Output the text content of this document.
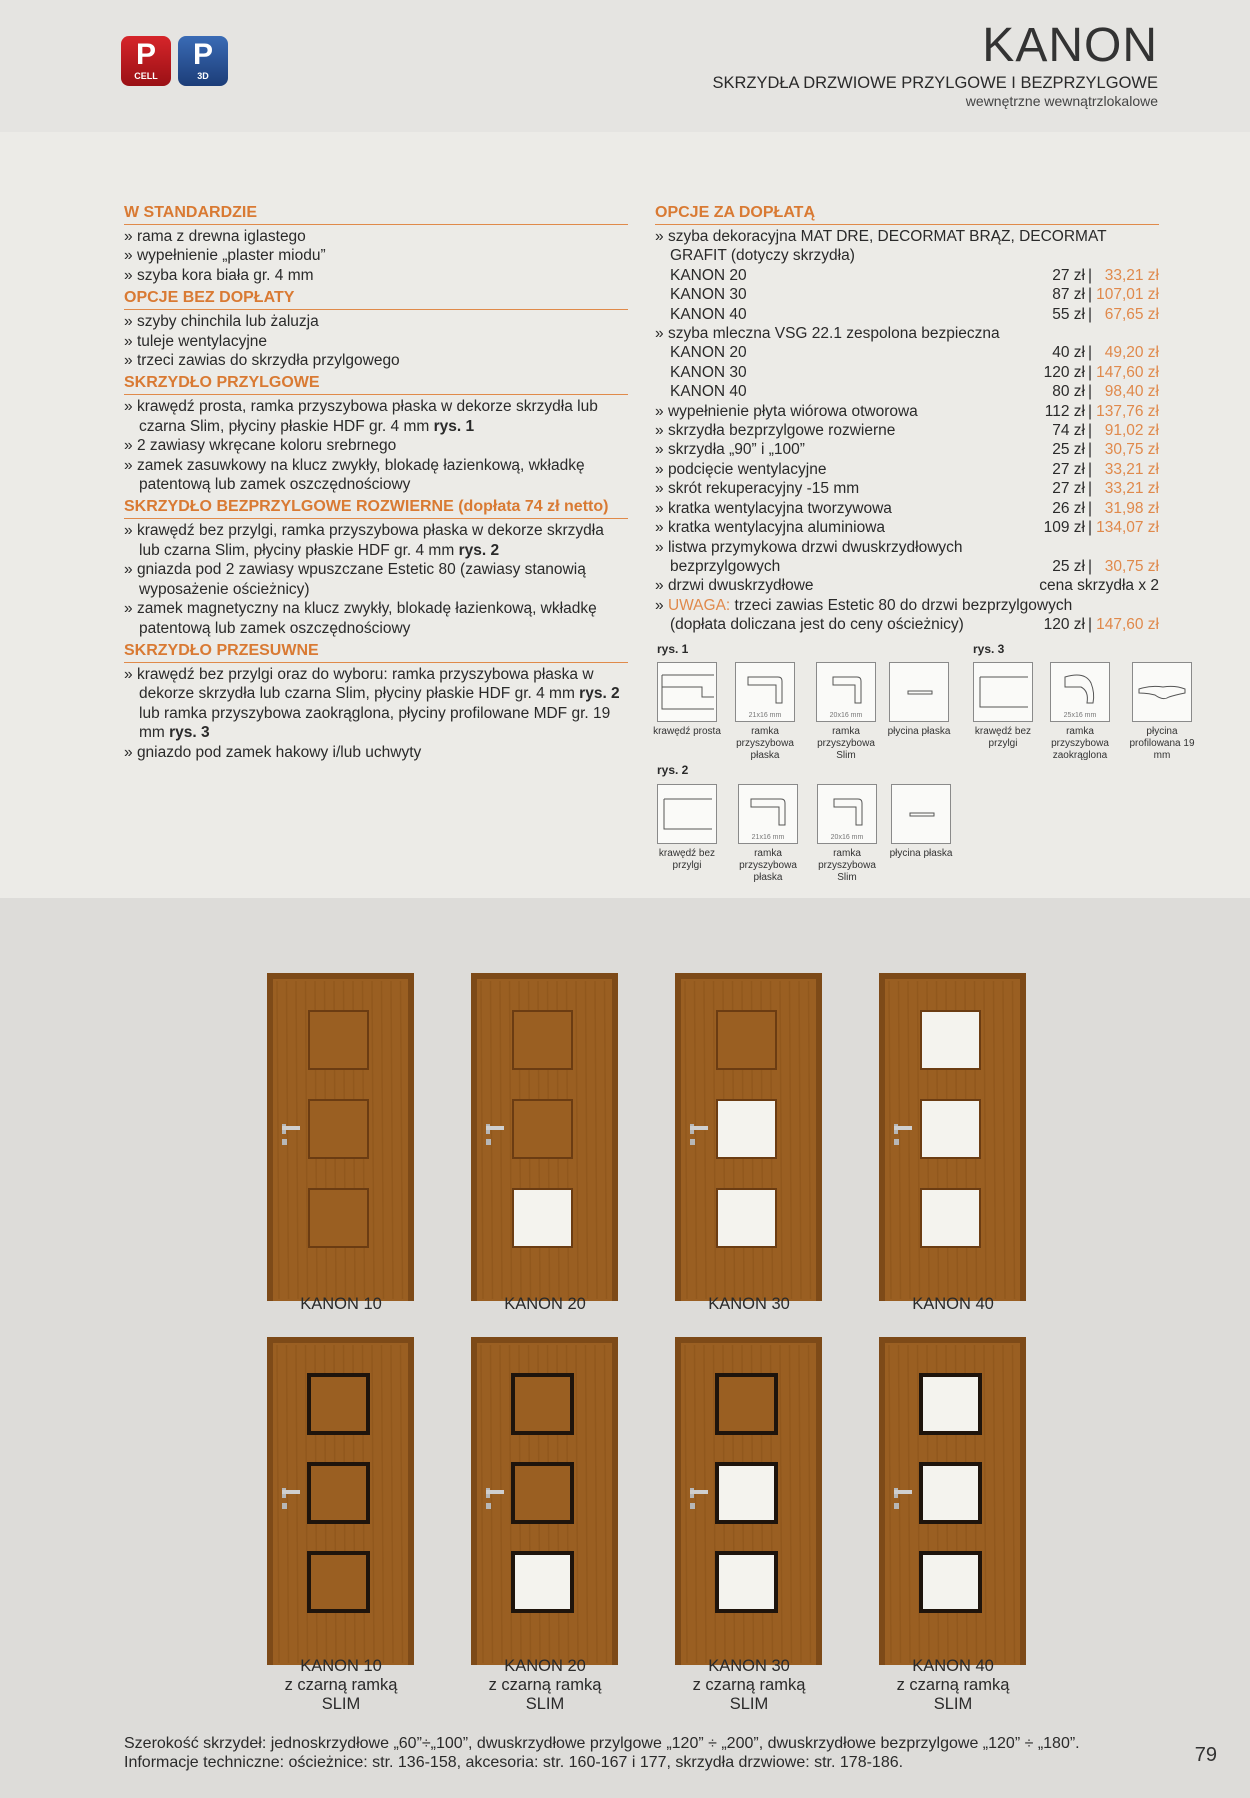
P
CELL
P
3D
KANON
SKRZYDŁA DRZWIOWE PRZYLGOWE I BEZPRZYLGOWE
wewnętrzne wewnątrzlokalowe
W STANDARDZIE
» rama z drewna iglastego
» wypełnienie „plaster miodu”
» szyba kora biała gr. 4 mm
OPCJE BEZ DOPŁATY
» szyby chinchila lub żaluzja
» tuleje wentylacyjne
» trzeci zawias do skrzydła przylgowego
SKRZYDŁO PRZYLGOWE
» krawędź prosta, ramka przyszybowa płaska w dekorze skrzydła lub czarna Slim, płyciny płaskie HDF gr. 4 mm rys. 1
» 2 zawiasy wkręcane koloru srebrnego
» zamek zasuwkowy na klucz zwykły, blokadę łazienkową, wkładkę patentową lub zamek oszczędnościowy
SKRZYDŁO BEZPRZYLGOWE ROZWIERNE (dopłata 74 zł netto)
» krawędź bez przylgi, ramka przyszybowa płaska w dekorze skrzydła lub czarna Slim, płyciny płaskie HDF gr. 4 mm rys. 2
» gniazda pod 2 zawiasy wpuszczane Estetic 80 (zawiasy stanowią wyposażenie ościeżnicy)
» zamek magnetyczny na klucz zwykły, blokadę łazienkową, wkładkę patentową lub zamek oszczędnościowy
SKRZYDŁO PRZESUWNE
» krawędź bez przylgi oraz do wyboru: ramka przyszybowa płaska w dekorze skrzydła lub czarna Slim, płyciny płaskie HDF gr. 4 mm rys. 2 lub ramka przyszybowa zaokrąglona, płyciny profilowane MDF gr. 19 mm rys. 3
» gniazdo pod zamek hakowy i/lub uchwyty
OPCJE ZA DOPŁATĄ
» szyba dekoracyjna MAT DRE, DECORMAT BRĄZ, DECORMAT GRAFIT (dotyczy skrzydła)
KANON 20	27 zł | 33,21 zł
KANON 30	87 zł | 107,01 zł
KANON 40	55 zł | 67,65 zł
» szyba mleczna VSG 22.1 zespolona bezpieczna
KANON 20	40 zł | 49,20 zł
KANON 30	120 zł | 147,60 zł
KANON 40	80 zł | 98,40 zł
» wypełnienie płyta wiórowa otworowa	112 zł | 137,76 zł
» skrzydła bezprzylgowe rozwierne	74 zł | 91,02 zł
» skrzydła „90” i „100”	25 zł | 30,75 zł
» podcięcie wentylacyjne	27 zł | 33,21 zł
» skrót rekuperacyjny -15 mm	27 zł | 33,21 zł
» kratka wentylacyjna tworzywowa	26 zł | 31,98 zł
» kratka wentylacyjna aluminiowa	109 zł | 134,07 zł
» listwa przymykowa drzwi dwuskrzydłowych
bezprzylgowych	25 zł | 30,75 zł
» drzwi dwuskrzydłowe	cena skrzydła x 2
» UWAGA: trzeci zawias Estetic 80 do drzwi bezprzylgowych
(dopłata doliczana jest do ceny ościeżnicy)	120 zł | 147,60 zł
rys. 1	rys. 3
rys. 2
krawędź prosta
21x16 mm
ramka przyszybowa płaska
20x16 mm
ramka przyszybowa Slim
płycina płaska	krawędź bez przylgi
25x16 mm
ramka przyszybowa zaokrąglona
płycina profilowana 19 mm
krawędź bez przylgi
21x16 mm
ramka przyszybowa płaska
20x16 mm
ramka przyszybowa Slim
płycina płaska
KANON 10	KANON 20	KANON 30	KANON 40
KANON 10
z czarną ramką
SLIM
KANON 20
z czarną ramką
SLIM
KANON 30
z czarną ramką
SLIM
KANON 40
z czarną ramką
SLIM
Szerokość skrzydeł: jednoskrzydłowe „60”÷„100”, dwuskrzydłowe przylgowe „120” ÷ „200”, dwuskrzydłowe bezprzylgowe „120” ÷ „180”.
Informacje techniczne: ościeżnice: str. 136-158, akcesoria: str. 160-167 i 177, skrzydła drzwiowe: str. 178-186.	79
